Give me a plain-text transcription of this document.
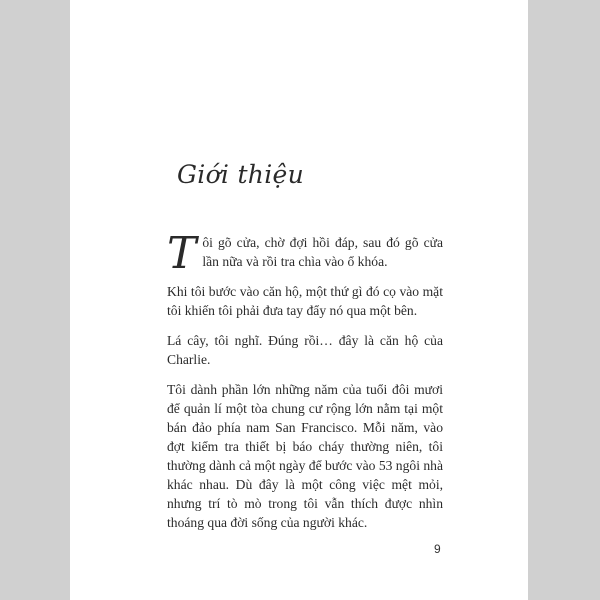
Giới thiệu

Tôi gõ cửa, chờ đợi hồi đáp, sau đó gõ cửa lần nữa và rồi tra chìa vào ổ khóa.

Khi tôi bước vào căn hộ, một thứ gì đó cọ vào mặt tôi khiến tôi phải đưa tay đẩy nó qua một bên.

Lá cây, tôi nghĩ. Đúng rồi… đây là căn hộ của Charlie.

Tôi dành phần lớn những năm của tuổi đôi mươi để quản lí một tòa chung cư rộng lớn nằm tại một bán đảo phía nam San Francisco. Mỗi năm, vào đợt kiểm tra thiết bị báo cháy thường niên, tôi thường dành cả một ngày để bước vào 53 ngôi nhà khác nhau. Dù đây là một công việc mệt mỏi, nhưng trí tò mò trong tôi vẫn thích được nhìn thoáng qua đời sống của người khác.

9
